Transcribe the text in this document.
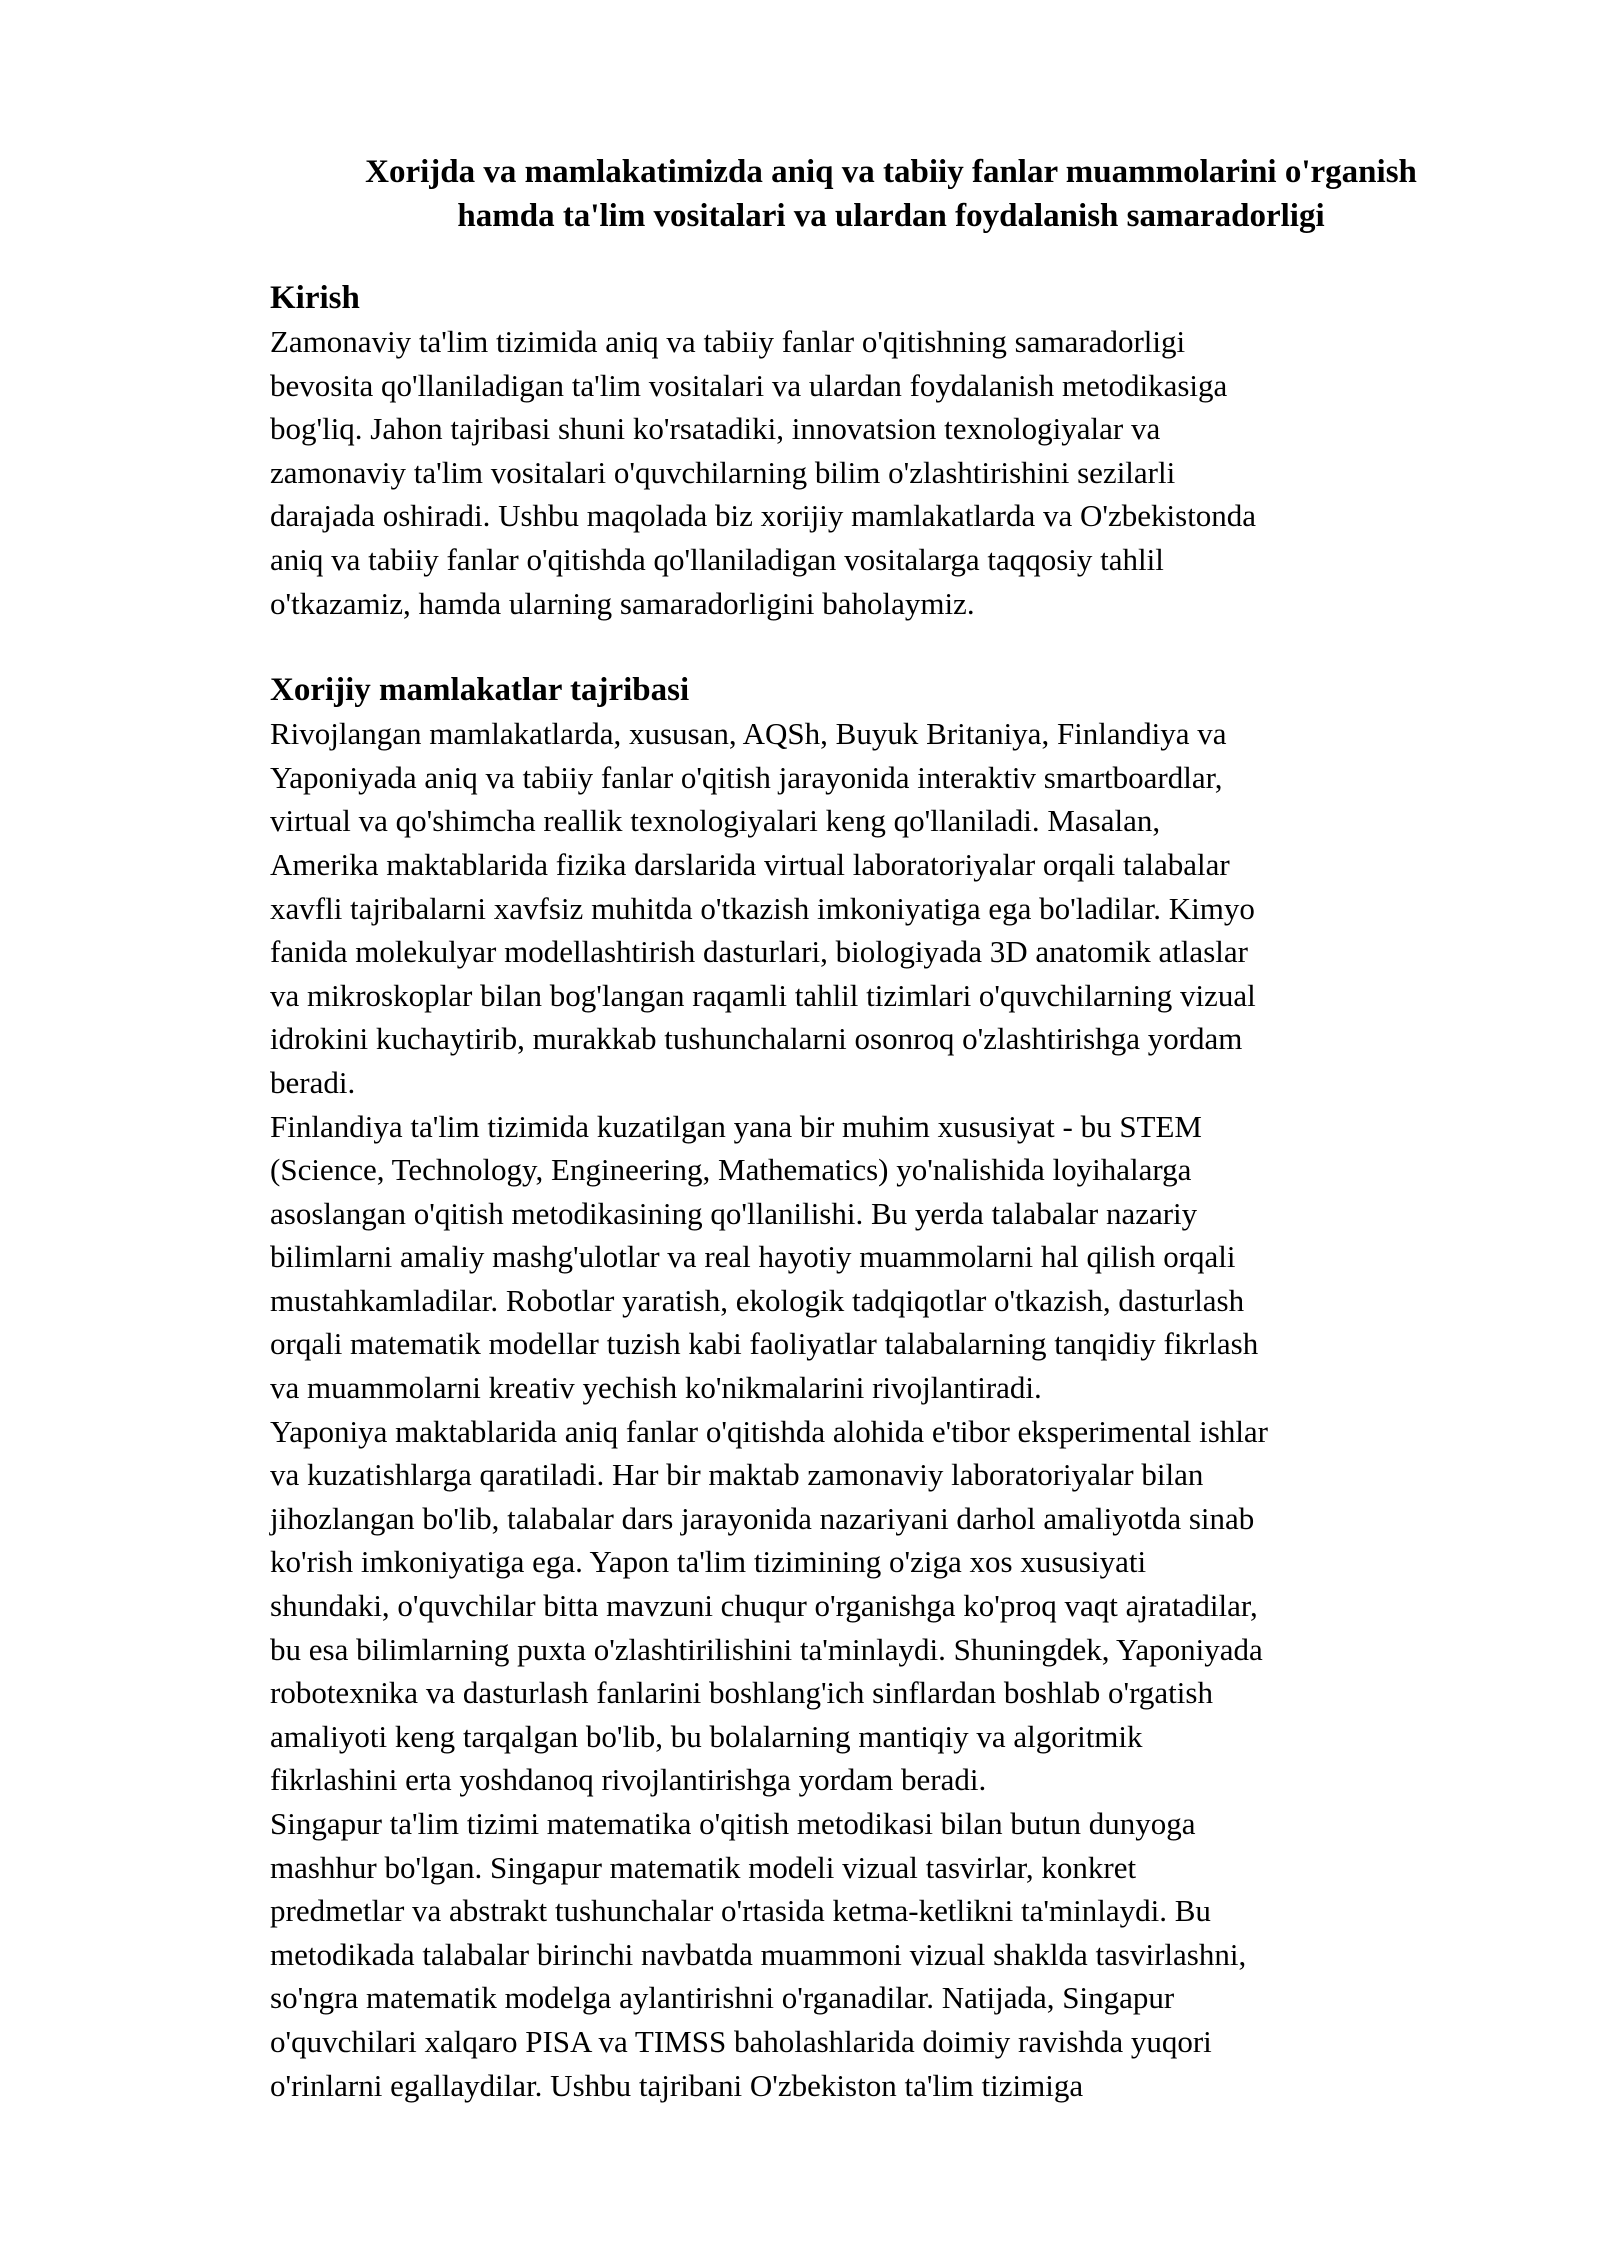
Xorijda va mamlakatimizda aniq va tabiiy fanlar muammolarini o'rganish
hamda ta'lim vositalari va ulardan foydalanish samaradorligi
Kirish

Zamonaviy ta'lim tizimida aniq va tabiiy fanlar o'qitishning samaradorligi
bevosita qo'llaniladigan ta'lim vositalari va ulardan foydalanish metodikasiga
bog'liq. Jahon tajribasi shuni ko'rsatadiki, innovatsion texnologiyalar va
zamonaviy ta'lim vositalari o'quvchilarning bilim o'zlashtirishini sezilarli
darajada oshiradi. Ushbu maqolada biz xorijiy mamlakatlarda va O'zbekistonda
aniq va tabiiy fanlar o'qitishda qo'llaniladigan vositalarga taqqosiy tahlil
o'tkazamiz, hamda ularning samaradorligini baholaymiz.

Xorijiy mamlakatlar tajribasi

Rivojlangan mamlakatlarda, xususan, AQSh, Buyuk Britaniya, Finlandiya va
Yaponiyada aniq va tabiiy fanlar o'qitish jarayonida interaktiv smartboardlar,
virtual va qo'shimcha reallik texnologiyalari keng qo'llaniladi. Masalan,
Amerika maktablarida fizika darslarida virtual laboratoriyalar orqali talabalar
xavfli tajribalarni xavfsiz muhitda o'tkazish imkoniyatiga ega bo'ladilar. Kimyo
fanida molekulyar modellashtirish dasturlari, biologiyada 3D anatomik atlaslar
va mikroskoplar bilan bog'langan raqamli tahlil tizimlari o'quvchilarning vizual
idrokini kuchaytirib, murakkab tushunchalarni osonroq o'zlashtirishga yordam
beradi.

Finlandiya ta'lim tizimida kuzatilgan yana bir muhim xususiyat - bu STEM
(Science, Technology, Engineering, Mathematics) yo'nalishida loyihalarga
asoslangan o'qitish metodikasining qo'llanilishi. Bu yerda talabalar nazariy
bilimlarni amaliy mashg'ulotlar va real hayotiy muammolarni hal qilish orqali
mustahkamladilar. Robotlar yaratish, ekologik tadqiqotlar o'tkazish, dasturlash
orqali matematik modellar tuzish kabi faoliyatlar talabalarning tanqidiy fikrlash
va muammolarni kreativ yechish ko'nikmalarini rivojlantiradi.

Yaponiya maktablarida aniq fanlar o'qitishda alohida e'tibor eksperimental ishlar
va kuzatishlarga qaratiladi. Har bir maktab zamonaviy laboratoriyalar bilan
jihozlangan bo'lib, talabalar dars jarayonida nazariyani darhol amaliyotda sinab
ko'rish imkoniyatiga ega. Yapon ta'lim tizimining o'ziga xos xususiyati
shundaki, o'quvchilar bitta mavzuni chuqur o'rganishga ko'proq vaqt ajratadilar,
bu esa bilimlarning puxta o'zlashtirilishini ta'minlaydi. Shuningdek, Yaponiyada
robotexnika va dasturlash fanlarini boshlang'ich sinflardan boshlab o'rgatish
amaliyoti keng tarqalgan bo'lib, bu bolalarning mantiqiy va algoritmik
fikrlashini erta yoshdanoq rivojlantirishga yordam beradi.

Singapur ta'lim tizimi matematika o'qitish metodikasi bilan butun dunyoga
mashhur bo'lgan. Singapur matematik modeli vizual tasvirlar, konkret
predmetlar va abstrakt tushunchalar o'rtasida ketma-ketlikni ta'minlaydi. Bu
metodikada talabalar birinchi navbatda muammoni vizual shaklda tasvirlashni,
so'ngra matematik modelga aylantirishni o'rganadilar. Natijada, Singapur
o'quvchilari xalqaro PISA va TIMSS baholashlarida doimiy ravishda yuqori
o'rinlarni egallaydilar. Ushbu tajribani O'zbekiston ta'lim tizimiga
